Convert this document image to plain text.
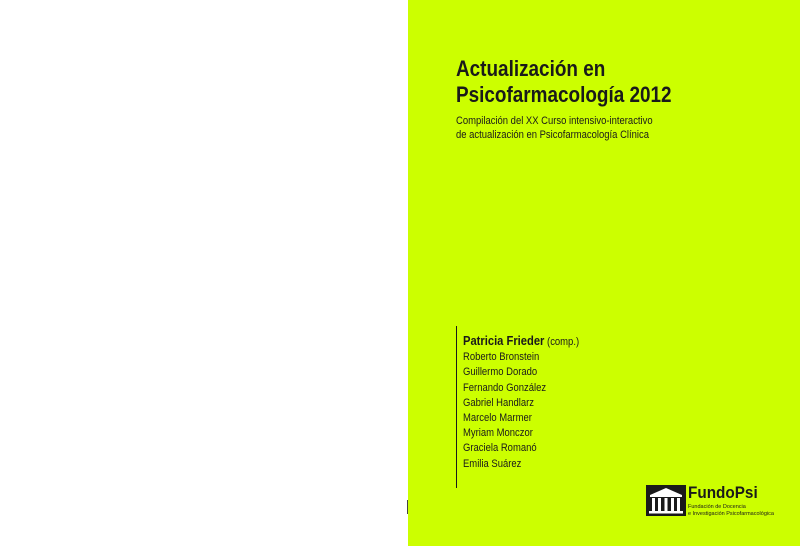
Actualización en
Psicofarmacología 2012

Compilación del XX Curso intensivo-interactivo
de actualización en Psicofarmacología Clínica

Patricia Frieder (comp.)
Roberto Bronstein
Guillermo Dorado
Fernando González
Gabriel Handlarz
Marcelo Marmer
Myriam Monczor
Graciela Romanó
Emilia Suárez
FundoPsi
Fundación de Docencia
e Investigación Psicofarmacológica
